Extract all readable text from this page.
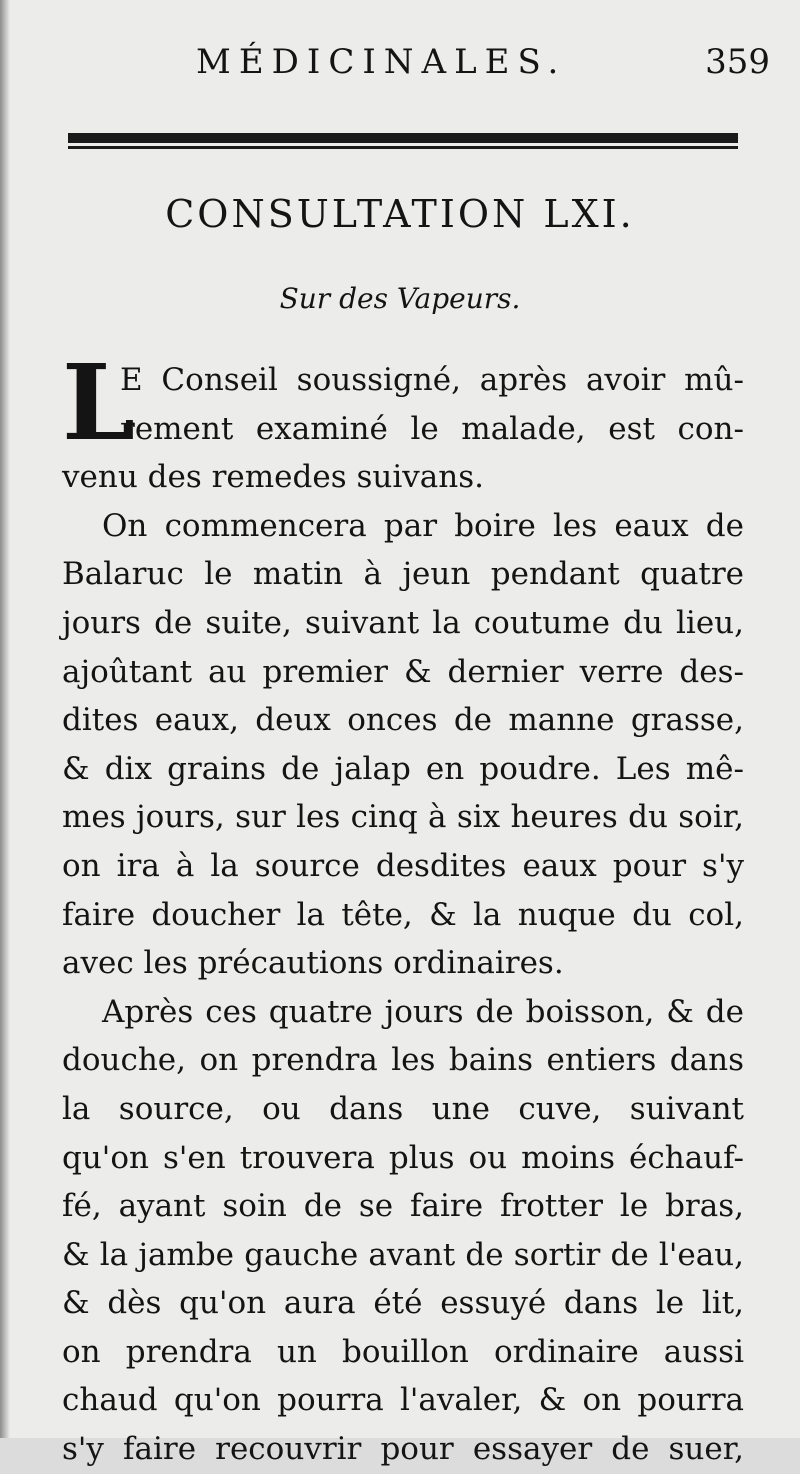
MÉDICINALES.	359
CONSULTATION LXI.
Sur des Vapeurs.
L
E Conseil soussigné, après avoir mû-
rement examiné le malade, est con-
venu des remedes suivans.
On commencera par boire les eaux de
Balaruc le matin à jeun pendant quatre
jours de suite, suivant la coutume du lieu,
ajoûtant au premier & dernier verre des-
dites eaux, deux onces de manne grasse,
& dix grains de jalap en poudre. Les mê-
mes jours, sur les cinq à six heures du soir,
on ira à la source desdites eaux pour s'y
faire doucher la tête, & la nuque du col,
avec les précautions ordinaires.
Après ces quatre jours de boisson, & de
douche, on prendra les bains entiers dans
la source, ou dans une cuve, suivant
qu'on s'en trouvera plus ou moins échauf-
fé, ayant soin de se faire frotter le bras,
& la jambe gauche avant de sortir de l'eau,
& dès qu'on aura été essuyé dans le lit,
on prendra un bouillon ordinaire aussi
chaud qu'on pourra l'avaler, & on pourra
s'y faire recouvrir pour essayer de suer,
